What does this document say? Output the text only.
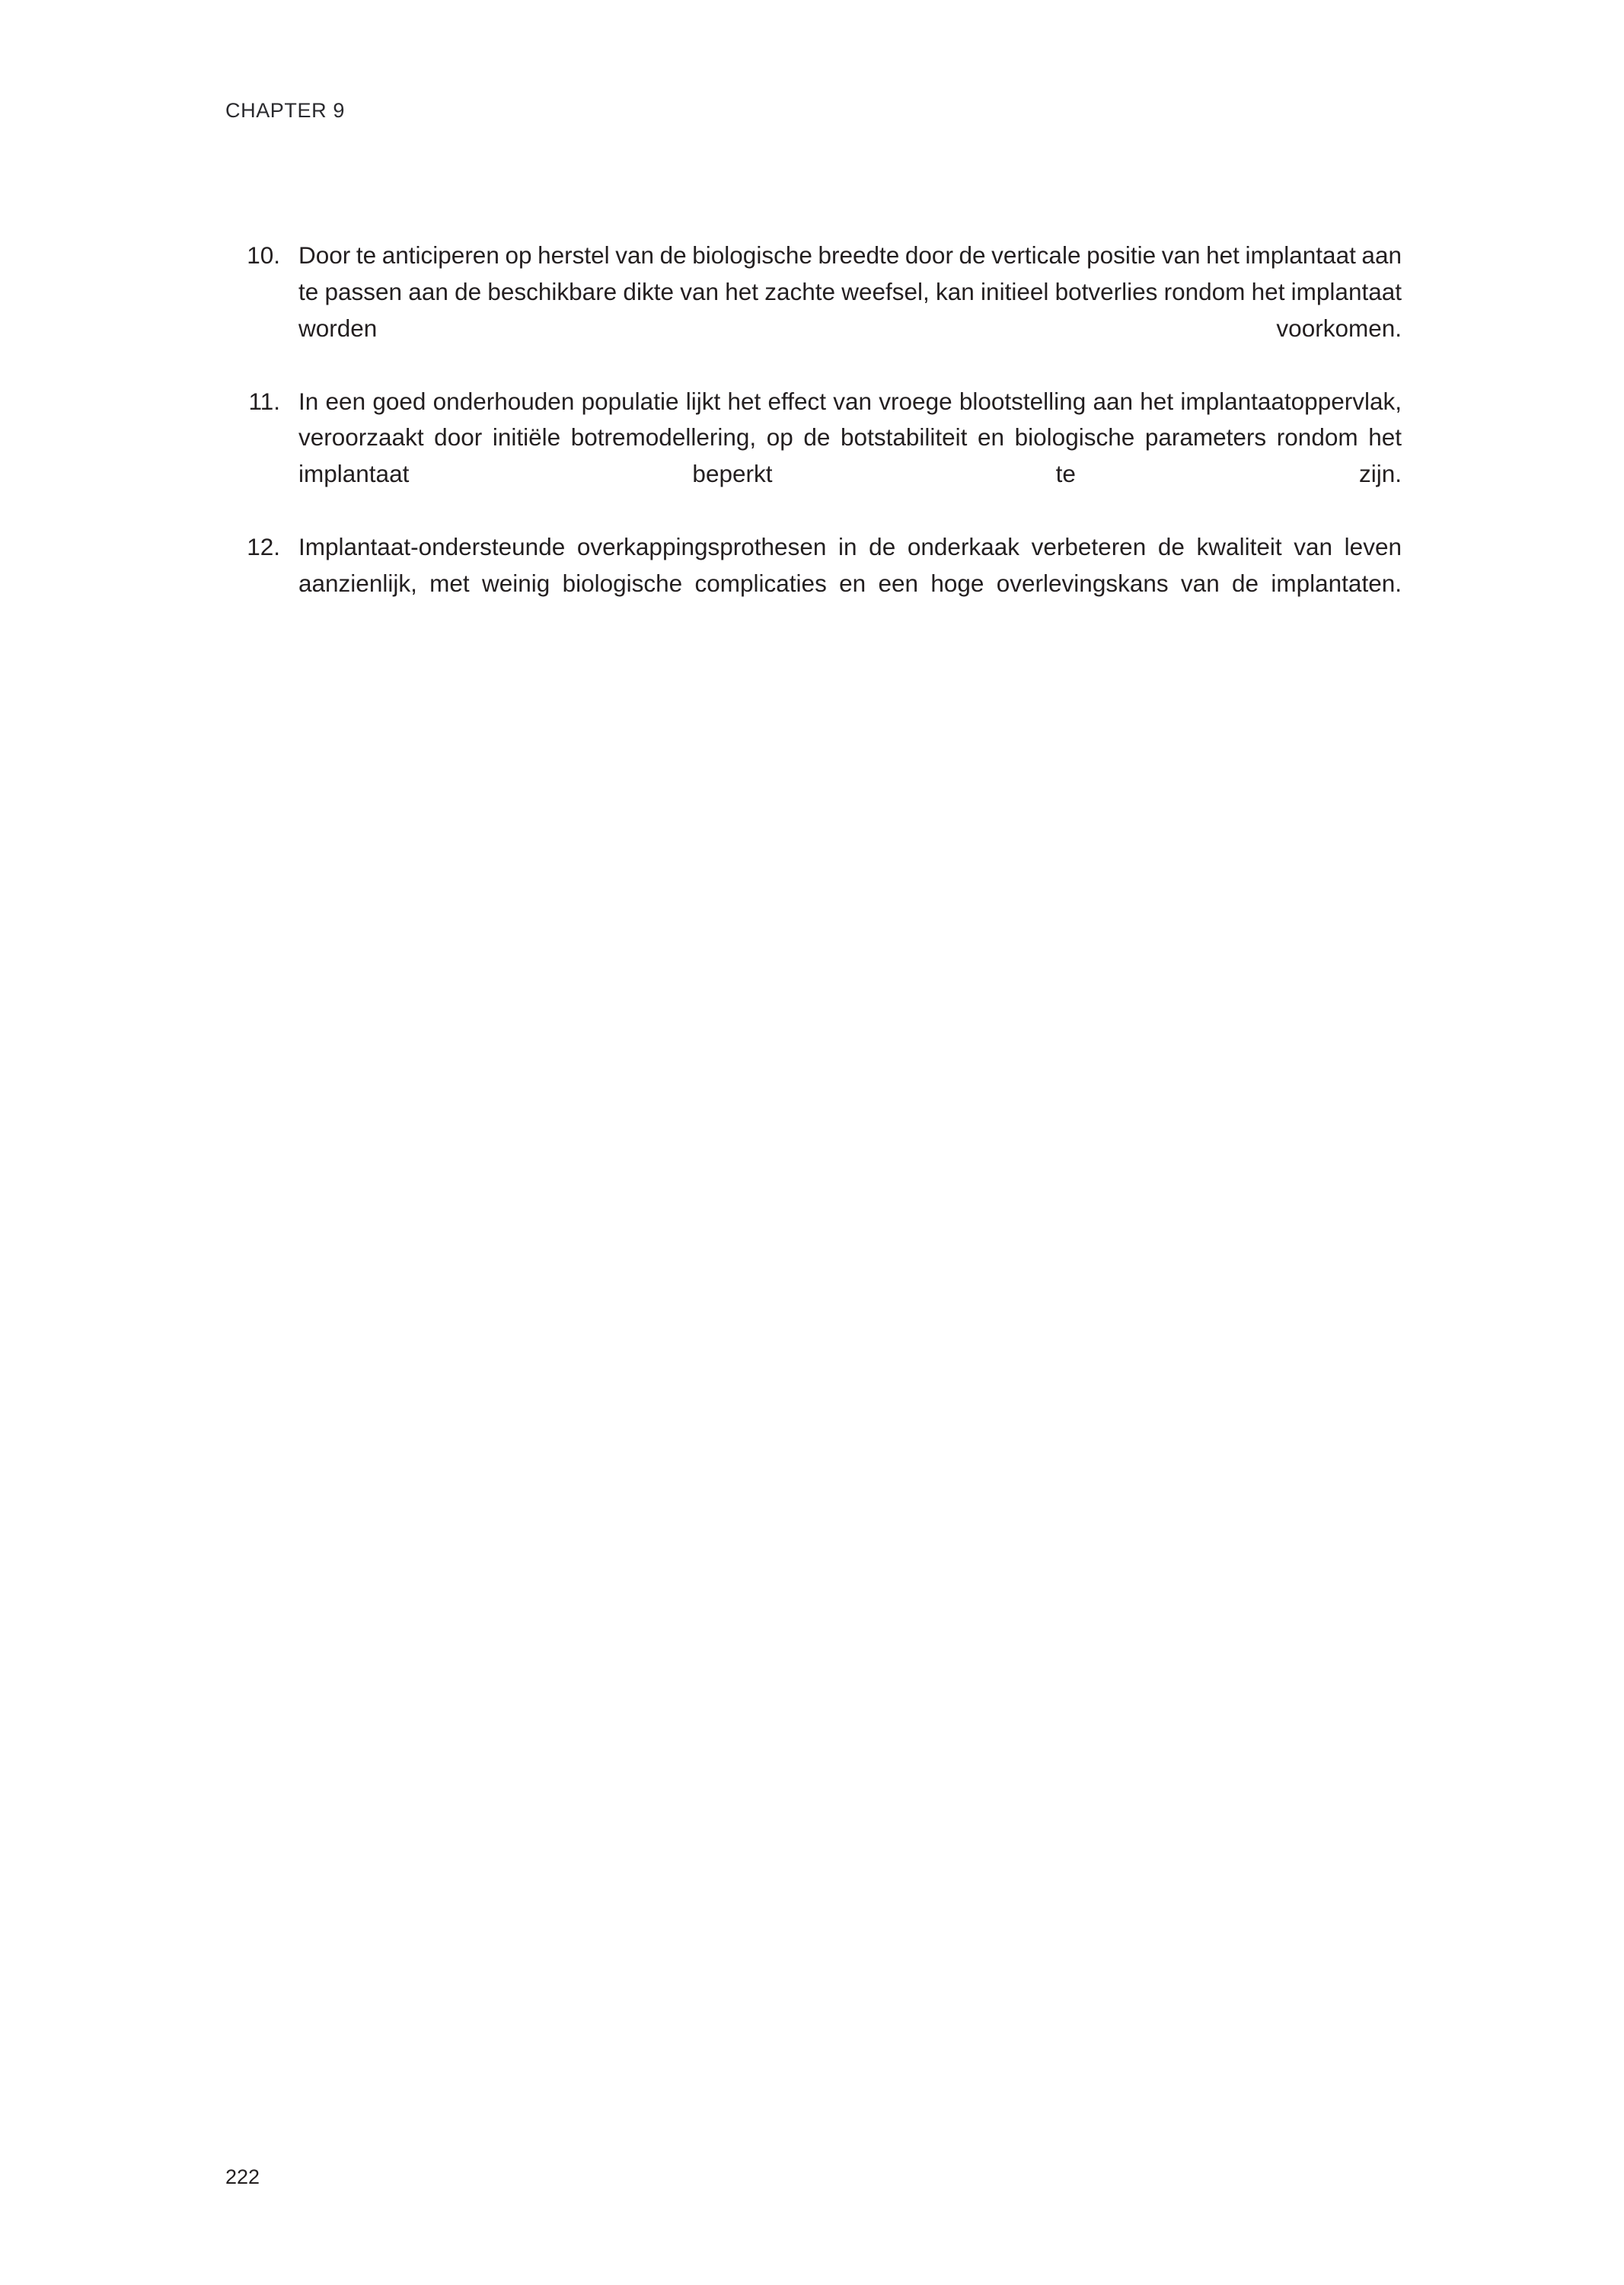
CHAPTER 9
10. Door te anticiperen op herstel van de biologische breedte door de verticale positie van het implantaat aan te passen aan de beschikbare dikte van het zachte weefsel, kan initieel botverlies rondom het implantaat worden voorkomen.
11. In een goed onderhouden populatie lijkt het effect van vroege blootstelling aan het implantaatoppervlak, veroorzaakt door initiële botremodellering, op de botstabiliteit en biologische parameters rondom het implantaat beperkt te zijn.
12. Implantaat-ondersteunde overkappingsprothesen in de onderkaak verbeteren de kwaliteit van leven aanzienlijk, met weinig biologische complicaties en een hoge overlevingskans van de implantaten.
222
